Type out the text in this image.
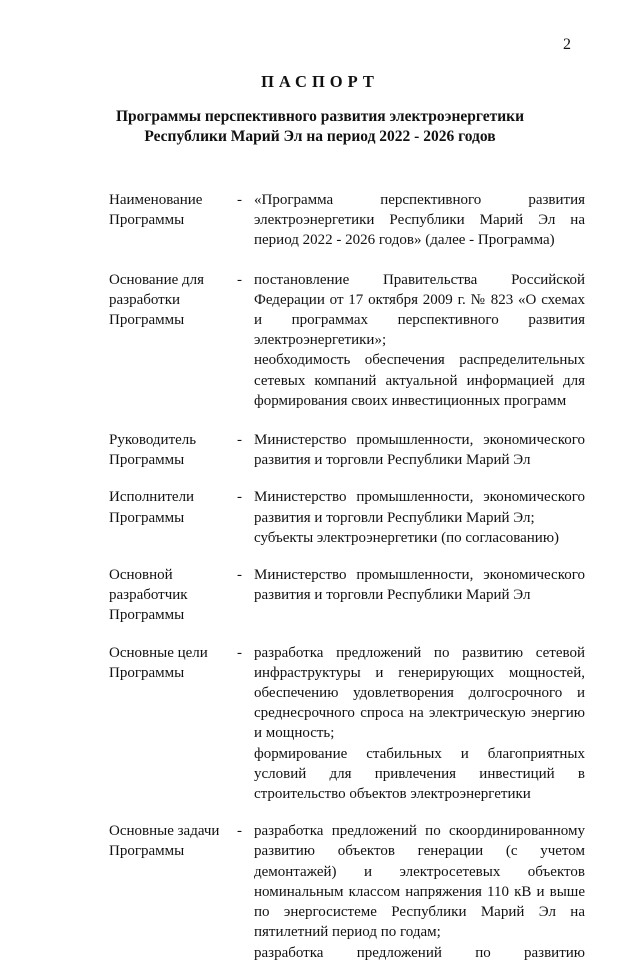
2
ПАСПОРТ
Программы перспективного развития электроэнергетики
Республики Марий Эл на период 2022 - 2026 годов
Наименование
Программы
- «Программа перспективного развития электроэнергетики Республики Марий Эл на период 2022 - 2026 годов» (далее - Программа)
Основание для
разработки
Программы
- постановление Правительства Российской Федерации от 17 октября 2009 г. № 823 «О схемах и программах перспективного развития электроэнергетики»;
необходимость обеспечения распределительных сетевых компаний актуальной информацией для формирования своих инвестиционных программ
Руководитель
Программы
- Министерство промышленности, экономического развития и торговли Республики Марий Эл
Исполнители
Программы
- Министерство промышленности, экономического развития и торговли Республики Марий Эл;
субъекты электроэнергетики (по согласованию)
Основной
разработчик
Программы
- Министерство промышленности, экономического развития и торговли Республики Марий Эл
Основные цели
Программы
- разработка предложений по развитию сетевой инфраструктуры и генерирующих мощностей, обеспечению удовлетворения долгосрочного и среднесрочного спроса на электрическую энергию и мощность;
формирование стабильных и благоприятных условий для привлечения инвестиций в строительство объектов электроэнергетики
Основные задачи
Программы
- разработка предложений по скоординированному развитию объектов генерации (с учетом демонтажей) и электросетевых объектов номинальным классом напряжения 110 кВ и выше по энергосистеме Республики Марий Эл на пятилетний период по годам;
разработка предложений по развитию
